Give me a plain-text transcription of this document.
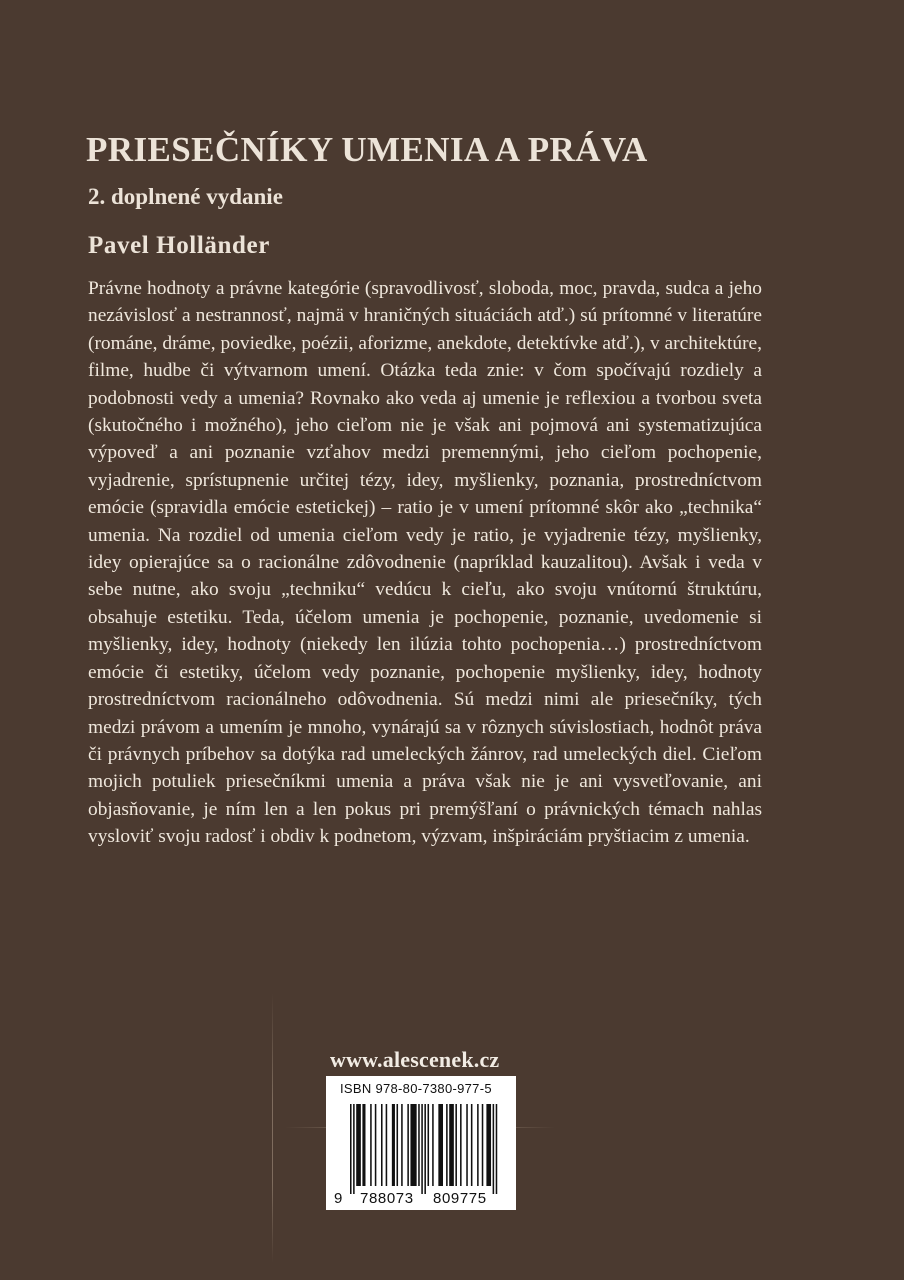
PRIESEČNÍKY UMENIA A PRÁVA

2. doplnené vydanie

Pavel Holländer

Právne hodnoty a právne kategórie (spravodlivosť, sloboda, moc, pravda, sudca a jeho nezávislosť a nestrannosť, najmä v hraničných situáciách atď.) sú prítomné v literatúre (románe, dráme, poviedke, poézii, aforizme, anekdote, detektívke atď.), v architektúre, filme, hudbe či výtvarnom umení. Otázka teda znie: v čom spočívajú rozdiely a podobnosti vedy a umenia? Rovnako ako veda aj umenie je reflexiou a tvorbou sveta (skutočného i možného), jeho cieľom nie je však ani pojmová ani systematizujúca výpoveď a ani poznanie vzťahov medzi premennými, jeho cieľom pochopenie, vyjadrenie, sprístupnenie určitej tézy, idey, myšlienky, poznania, prostredníctvom emócie (spravidla emócie estetickej) – ratio je v umení prítomné skôr ako „technika“ umenia. Na rozdiel od umenia cieľom vedy je ratio, je vyjadrenie tézy, myšlienky, idey opierajúce sa o racionálne zdôvodnenie (napríklad kauzalitou). Avšak i veda v sebe nutne, ako svoju „techniku“ vedúcu k cieľu, ako svoju vnútornú štruktúru, obsahuje estetiku. Teda, účelom umenia je pochopenie, poznanie, uvedomenie si myšlienky, idey, hodnoty (niekedy len ilúzia tohto pochopenia…) prostredníctvom emócie či estetiky, účelom vedy poznanie, pochopenie myšlienky, idey, hodnoty prostredníctvom racionálneho odôvodnenia. Sú medzi nimi ale priesečníky, tých medzi právom a umením je mnoho, vynárajú sa v rôznych súvislostiach, hodnôt práva či právnych príbehov sa dotýka rad umeleckých žánrov, rad umeleckých diel. Cieľom mojich potuliek priesečníkmi umenia a práva však nie je ani vysvetľovanie, ani objasňovanie, je ním len a len pokus pri premýšľaní o právnických témach nahlas vysloviť svoju radosť i obdiv k podnetom, výzvam, inšpiráciám pryštiacim z umenia.

www.alescenek.cz

ISBN 978-80-7380-977-5
9 788073 809775
